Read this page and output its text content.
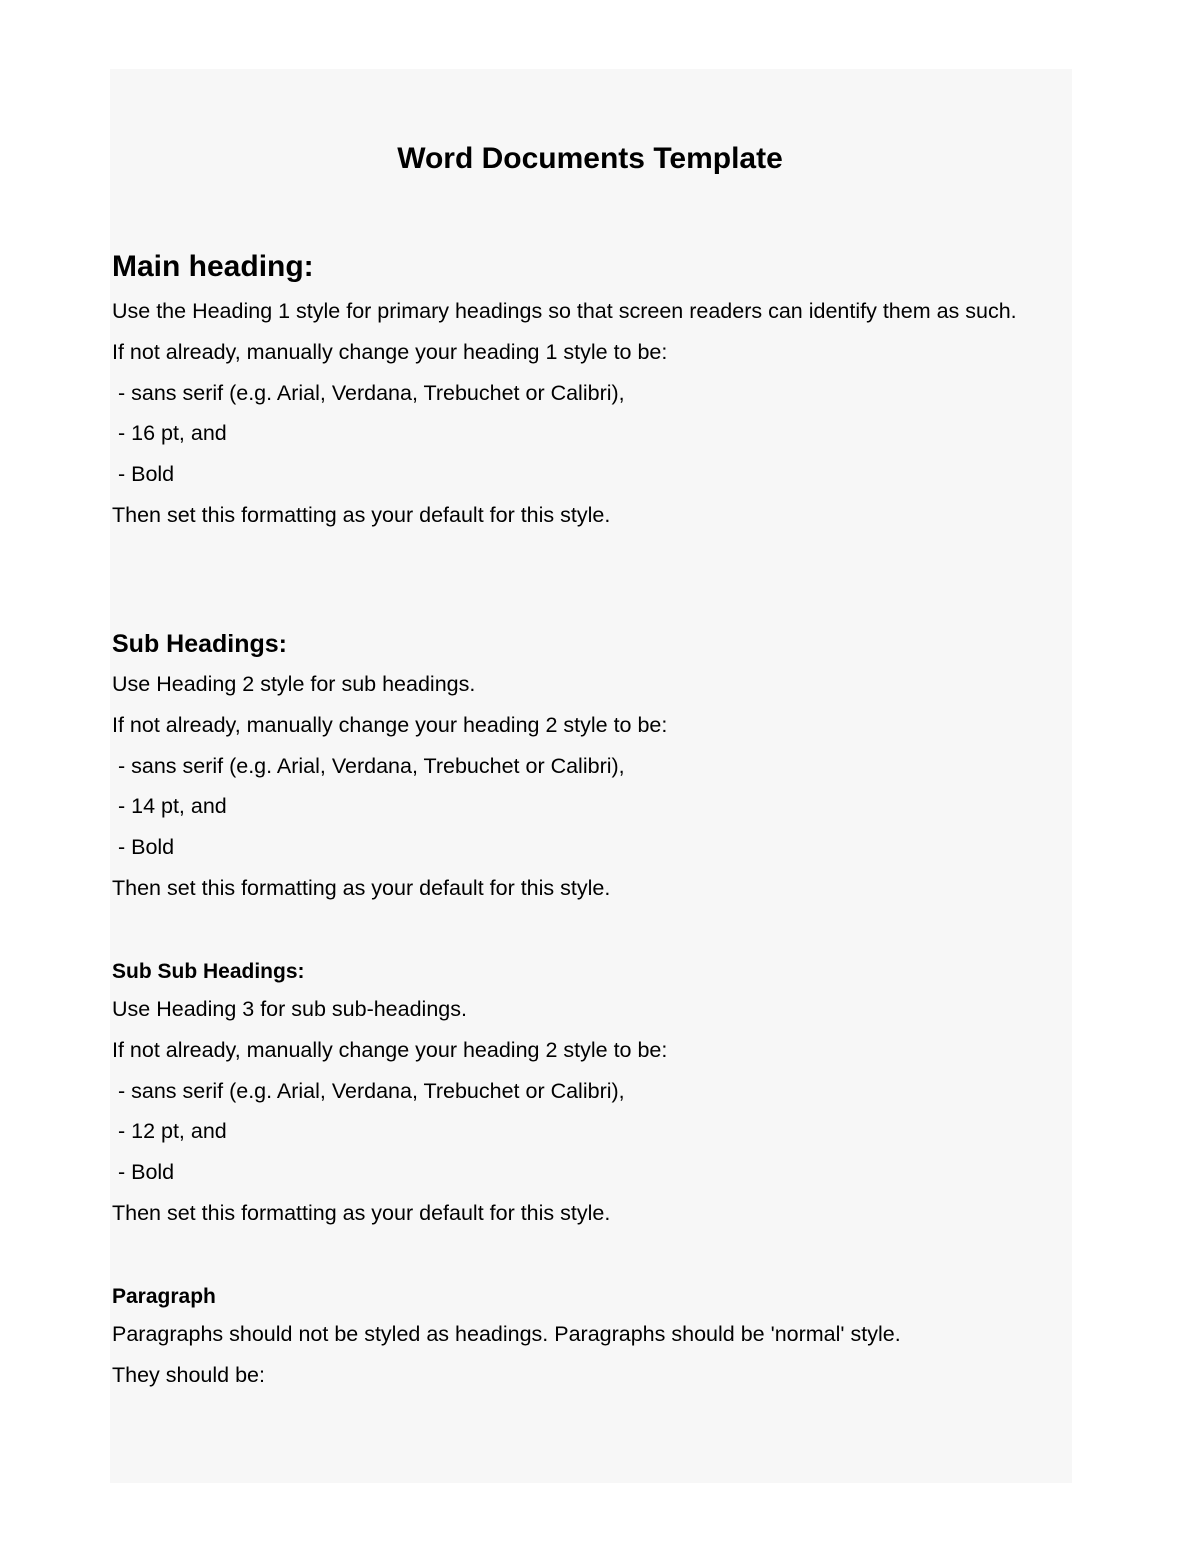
Word Documents Template
Main heading:

Use the Heading 1 style for primary headings so that screen readers can identify them as such.

If not already, manually change your heading 1 style to be:

- sans serif (e.g. Arial, Verdana, Trebuchet or Calibri),

- 16 pt, and

- Bold

Then set this formatting as your default for this style.

Sub Headings:

Use Heading 2 style for sub headings.

If not already, manually change your heading 2 style to be:

- sans serif (e.g. Arial, Verdana, Trebuchet or Calibri),

- 14 pt, and

- Bold

Then set this formatting as your default for this style.

Sub Sub Headings:

Use Heading 3 for sub sub-headings.

If not already, manually change your heading 2 style to be:

- sans serif (e.g. Arial, Verdana, Trebuchet or Calibri),

- 12 pt, and

- Bold

Then set this formatting as your default for this style.

Paragraph

Paragraphs should not be styled as headings. Paragraphs should be 'normal' style.

They should be:
